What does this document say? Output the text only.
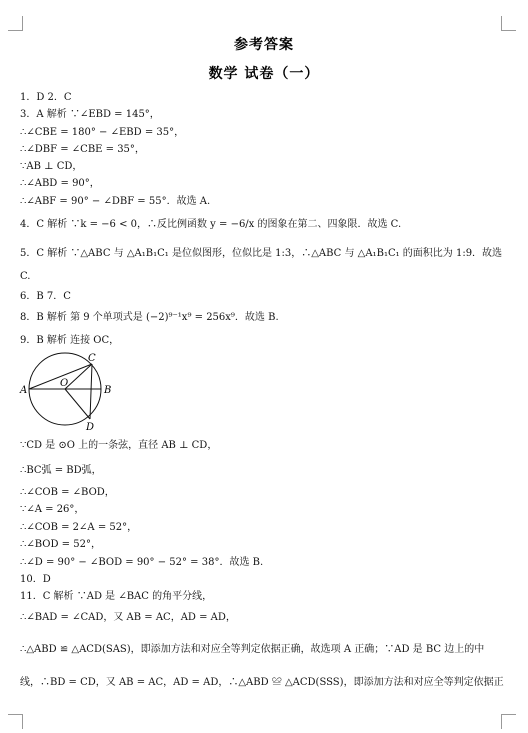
参考答案
数学 试卷（一）
1．D 2．C
3．A 解析 ∵∠EBD = 145°，
∴∠CBE = 180° − ∠EBD = 35°，
∴∠DBF = ∠CBE = 35°，
∵AB ⊥ CD，
∴∠ABD = 90°，
∴∠ABF = 90° − ∠DBF = 55°．故选 A.
4．C 解析 ∵k = −6 < 0，∴反比例函数 y = −6/x 的图象在第二、四象限．故选 C.
5．C 解析 ∵△ABC 与 △A₁B₁C₁ 是位似图形，位似比是 1:3，∴△ABC 与 △A₁B₁C₁ 的面积比为 1:9．故选
C.
6．B 7．C
8．B 解析 第 9 个单项式是 (−2)⁹⁻¹x⁹ = 256x⁹．故选 B.
9．B 解析 连接 OC，
A	B
C
D
O
∵CD 是 ⊙O 上的一条弦，直径 AB ⊥ CD，
∴BC弧 = BD弧，
∴∠COB = ∠BOD，
∵∠A = 26°，
∴∠COB = 2∠A = 52°，
∴∠BOD = 52°，
∴∠D = 90° − ∠BOD = 90° − 52° = 38°．故选 B.
10．D
11．C 解析 ∵AD 是 ∠BAC 的角平分线，
∴∠BAD = ∠CAD，又 AB = AC，AD = AD，
∴△ABD ≌ △ACD(SAS)，即添加方法和对应全等判定依据正确，故选项 A 正确；∵AD 是 BC 边上的中
线，∴BD = CD，又 AB = AC，AD = AD，∴△ABD ≌ △ACD(SSS)，即添加方法和对应全等判定依据正
